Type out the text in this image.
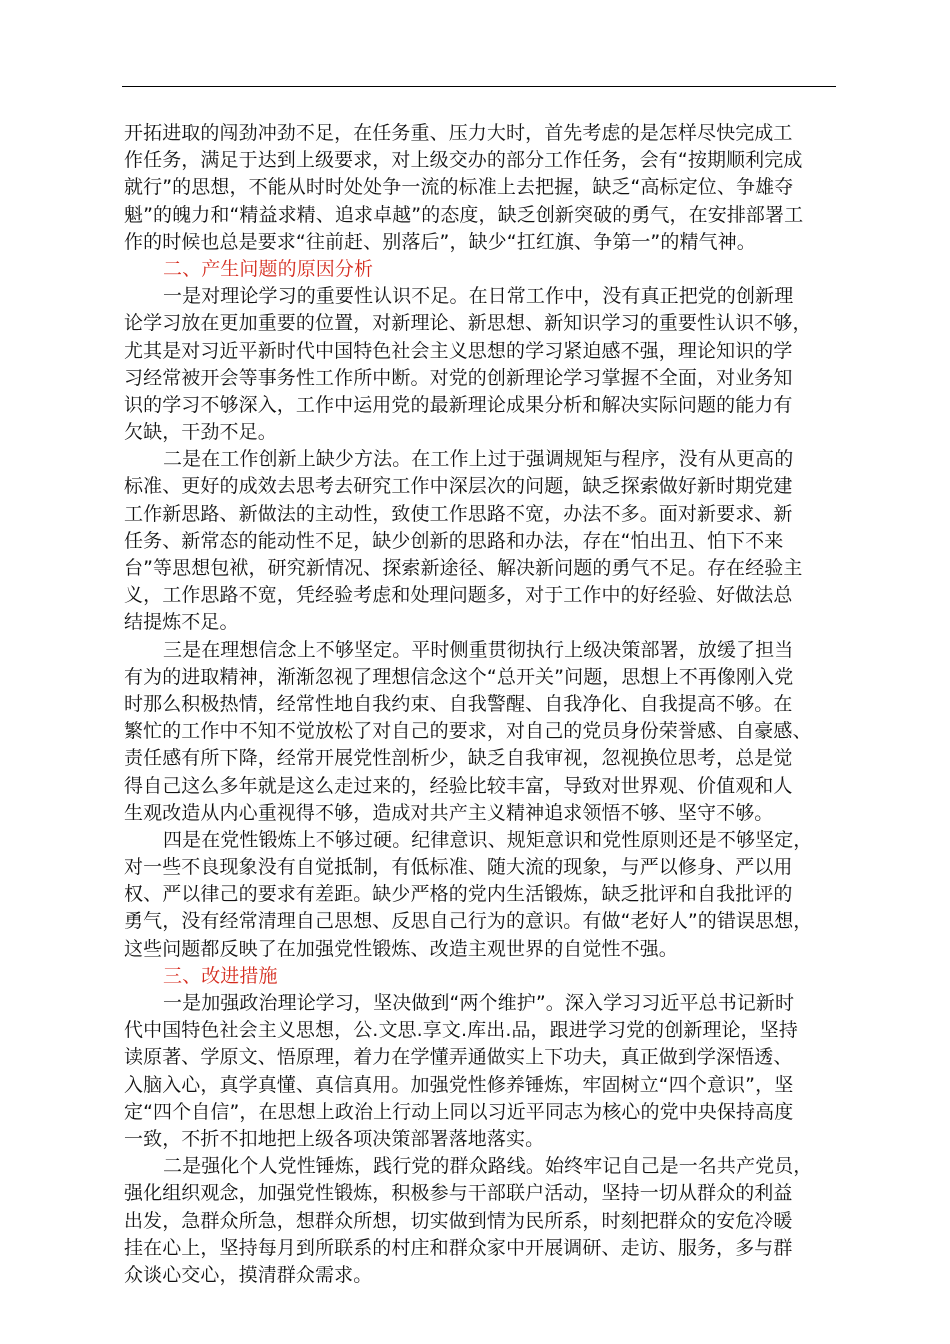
开拓进取的闯劲冲劲不足，在任务重、压力大时，首先考虑的是怎样尽快完成工
作任务，满足于达到上级要求，对上级交办的部分工作任务，会有“按期顺利完成
就行”的思想，不能从时时处处争一流的标准上去把握，缺乏“高标定位、争雄夺
魁”的魄力和“精益求精、追求卓越”的态度，缺乏创新突破的勇气，在安排部署工
作的时候也总是要求“往前赶、别落后”，缺少“扛红旗、争第一”的精气神。
二、产生问题的原因分析
一是对理论学习的重要性认识不足。在日常工作中，没有真正把党的创新理
论学习放在更加重要的位置，对新理论、新思想、新知识学习的重要性认识不够，
尤其是对习近平新时代中国特色社会主义思想的学习紧迫感不强，理论知识的学
习经常被开会等事务性工作所中断。对党的创新理论学习掌握不全面，对业务知
识的学习不够深入，工作中运用党的最新理论成果分析和解决实际问题的能力有
欠缺，干劲不足。
二是在工作创新上缺少方法。在工作上过于强调规矩与程序，没有从更高的
标准、更好的成效去思考去研究工作中深层次的问题，缺乏探索做好新时期党建
工作新思路、新做法的主动性，致使工作思路不宽，办法不多。面对新要求、新
任务、新常态的能动性不足，缺少创新的思路和办法，存在“怕出丑、怕下不来
台”等思想包袱，研究新情况、探索新途径、解决新问题的勇气不足。存在经验主
义，工作思路不宽，凭经验考虑和处理问题多，对于工作中的好经验、好做法总
结提炼不足。
三是在理想信念上不够坚定。平时侧重贯彻执行上级决策部署，放缓了担当
有为的进取精神，渐渐忽视了理想信念这个“总开关”问题，思想上不再像刚入党
时那么积极热情，经常性地自我约束、自我警醒、自我净化、自我提高不够。在
繁忙的工作中不知不觉放松了对自己的要求，对自己的党员身份荣誉感、自豪感、
责任感有所下降，经常开展党性剖析少，缺乏自我审视，忽视换位思考，总是觉
得自己这么多年就是这么走过来的，经验比较丰富，导致对世界观、价值观和人
生观改造从内心重视得不够，造成对共产主义精神追求领悟不够、坚守不够。
四是在党性锻炼上不够过硬。纪律意识、规矩意识和党性原则还是不够坚定，
对一些不良现象没有自觉抵制，有低标准、随大流的现象，与严以修身、严以用
权、严以律己的要求有差距。缺少严格的党内生活锻炼，缺乏批评和自我批评的
勇气，没有经常清理自己思想、反思自己行为的意识。有做“老好人”的错误思想，
这些问题都反映了在加强党性锻炼、改造主观世界的自觉性不强。
三、改进措施
一是加强政治理论学习，坚决做到“两个维护”。深入学习习近平总书记新时
代中国特色社会主义思想，公.文思.享文.库出.品，跟进学习党的创新理论，坚持
读原著、学原文、悟原理，着力在学懂弄通做实上下功夫，真正做到学深悟透、
入脑入心，真学真懂、真信真用。加强党性修养锤炼，牢固树立“四个意识”，坚
定“四个自信”，在思想上政治上行动上同以习近平同志为核心的党中央保持高度
一致，不折不扣地把上级各项决策部署落地落实。
二是强化个人党性锤炼，践行党的群众路线。始终牢记自己是一名共产党员，
强化组织观念，加强党性锻炼，积极参与干部联户活动，坚持一切从群众的利益
出发，急群众所急，想群众所想，切实做到情为民所系，时刻把群众的安危冷暖
挂在心上，坚持每月到所联系的村庄和群众家中开展调研、走访、服务，多与群
众谈心交心，摸清群众需求。
